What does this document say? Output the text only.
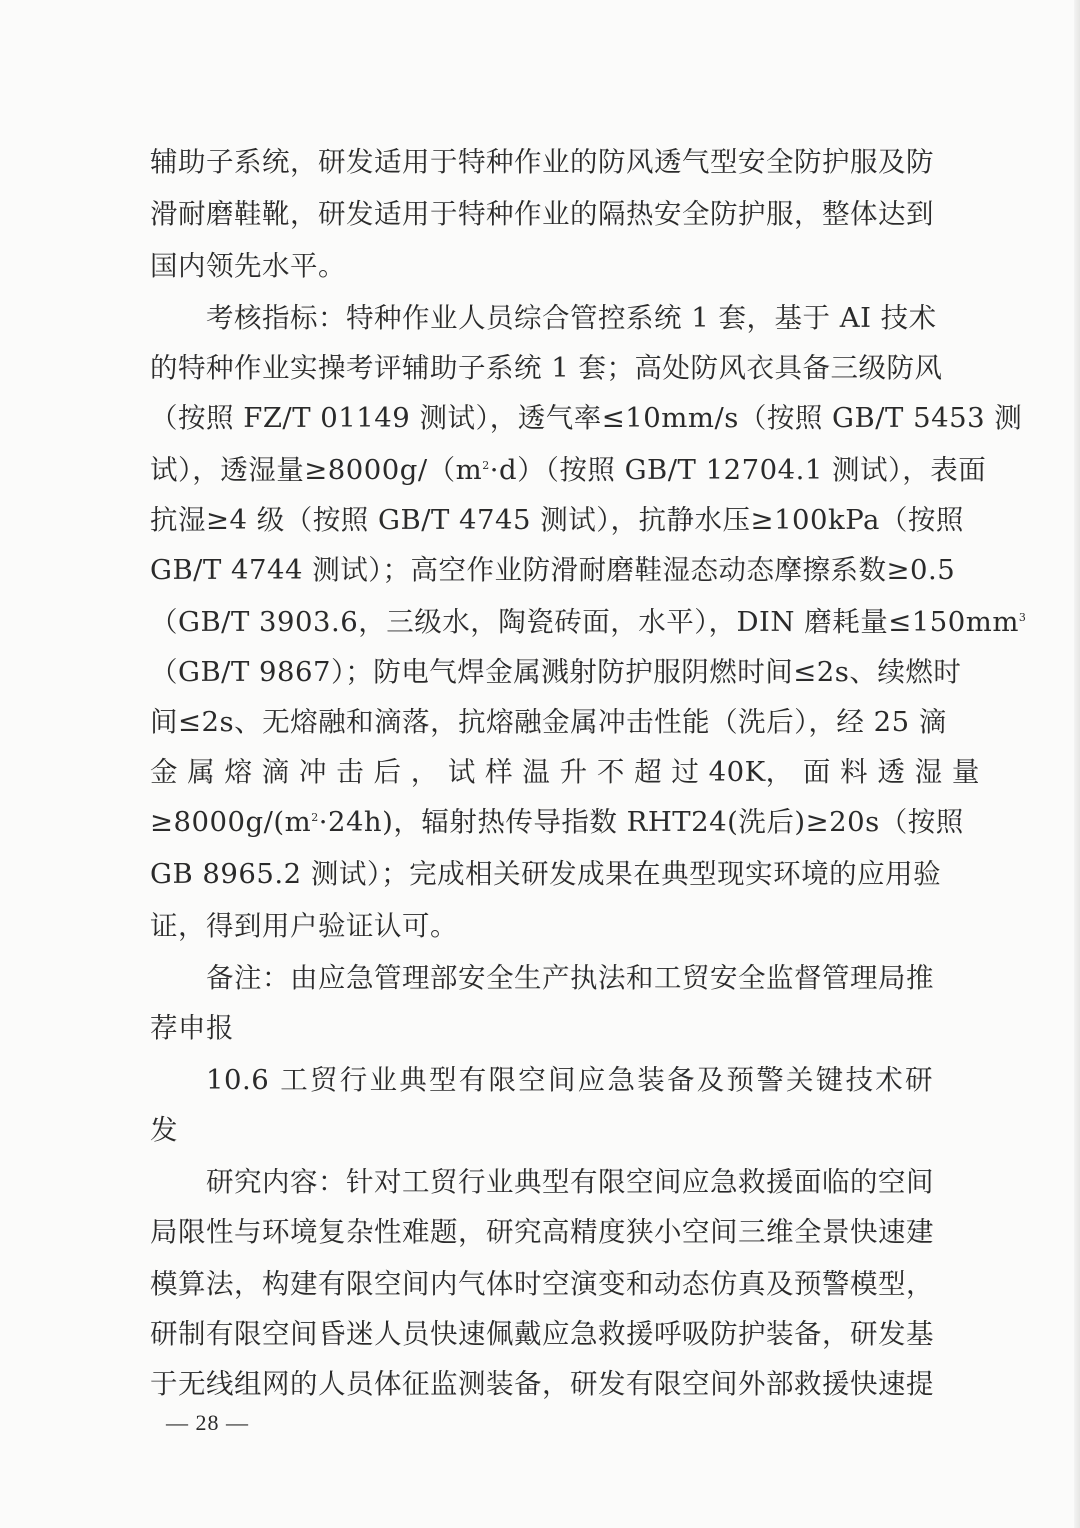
辅助子系统，研发适用于特种作业的防风透气型安全防护服及防
滑耐磨鞋靴，研发适用于特种作业的隔热安全防护服，整体达到
国内领先水平。
考核指标：特种作业人员综合管控系统 1 套，基于 AI 技术
的特种作业实操考评辅助子系统 1 套；高处防风衣具备三级防风
（按照 FZ/T 01149 测试），透气率≤10mm/s（按照 GB/T 5453 测
试），透湿量$\ge 8000g/(m^2\cdot d)$（按照 GB/T 12704.1 测试），表面
抗湿≥4 级（按照 GB/T 4745 测试），抗静水压≥100kPa（按照
GB/T 4744 测试）；高空作业防滑耐磨鞋湿态动态摩擦系数≥0.5
（GB/T 3903.6，三级水，陶瓷砖面，水平），DIN 磨耗量$\le 150mm^3$
（GB/T 9867）；防电气焊金属溅射防护服阴燃时间≤2s、续燃时
间≤2s、无熔融和滴落，抗熔融金属冲击性能（洗后），经 25 滴
金 属 熔 滴 冲 击 后 ， 试 样 温 升 不 超 过 40K， 面 料 透 湿 量
$\ge 8000g/(m^2\cdot 24h)$，辐射热传导指数 RHT24(洗后)≥20s（按照
GB 8965.2 测试）；完成相关研发成果在典型现实环境的应用验
证，得到用户验证认可。
备注：由应急管理部安全生产执法和工贸安全监督管理局推
荐申报
10.6 工贸行业典型有限空间应急装备及预警关键技术研
发
研究内容：针对工贸行业典型有限空间应急救援面临的空间
局限性与环境复杂性难题，研究高精度狭小空间三维全景快速建
模算法，构建有限空间内气体时空演变和动态仿真及预警模型，
研制有限空间昏迷人员快速佩戴应急救援呼吸防护装备，研发基
于无线组网的人员体征监测装备，研发有限空间外部救援快速提
— 28 —
